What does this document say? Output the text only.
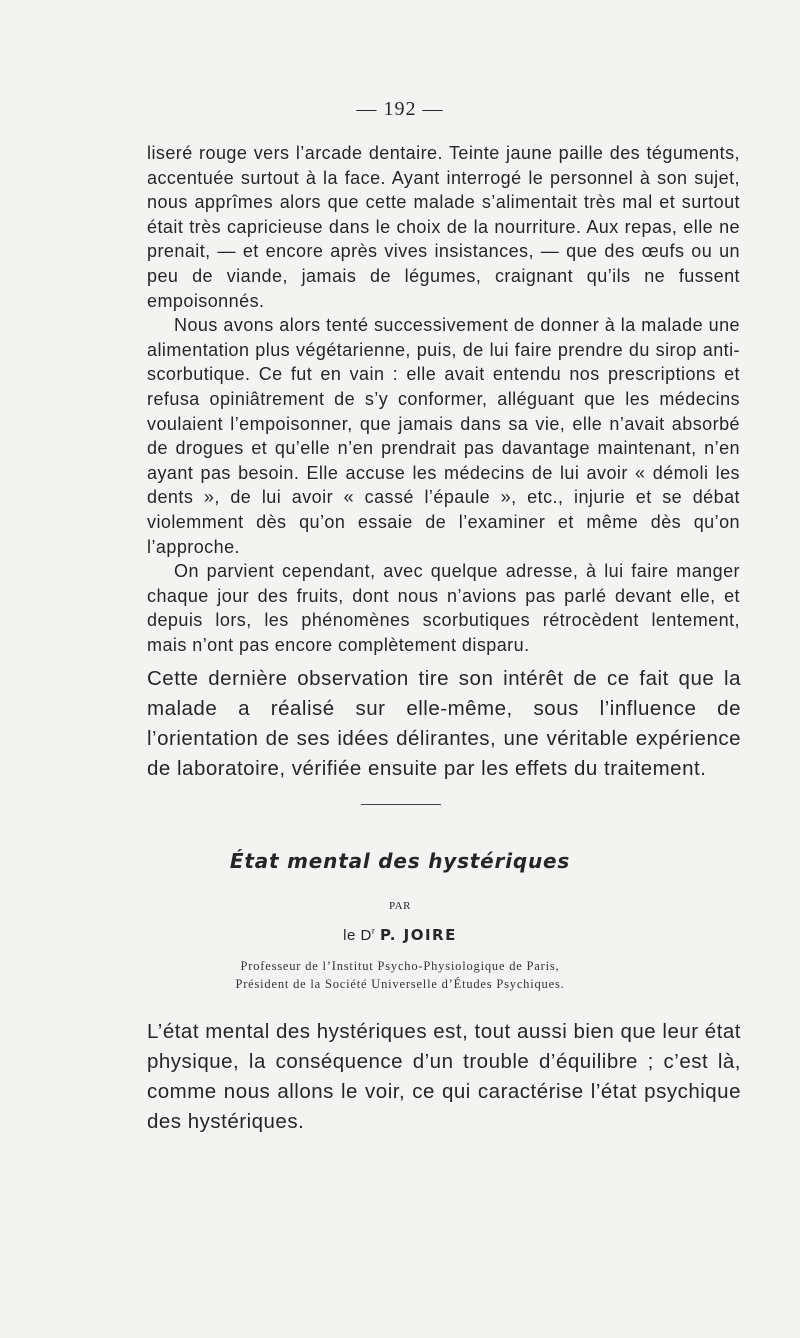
— 192 —

liseré rouge vers l’arcade dentaire. Teinte jaune paille des téguments, accentuée surtout à la face. Ayant interrogé le personnel à son sujet, nous apprîmes alors que cette malade s’alimentait très mal et surtout était très capricieuse dans le choix de la nourriture. Aux repas, elle ne prenait, — et encore après vives insistances, — que des œufs ou un peu de viande, jamais de légumes, craignant qu’ils ne fussent empoisonnés.

Nous avons alors tenté successivement de donner à la malade une alimentation plus végétarienne, puis, de lui faire prendre du sirop anti-scorbutique. Ce fut en vain : elle avait entendu nos prescriptions et refusa opiniâtrement de s’y conformer, alléguant que les médecins voulaient l’empoisonner, que jamais dans sa vie, elle n’avait absorbé de drogues et qu’elle n’en prendrait pas davantage maintenant, n’en ayant pas besoin. Elle accuse les médecins de lui avoir « démoli les dents », de lui avoir « cassé l’épaule », etc., injurie et se débat violemment dès qu’on essaie de l’examiner et même dès qu’on l’approche.

On parvient cependant, avec quelque adresse, à lui faire manger chaque jour des fruits, dont nous n’avions pas parlé devant elle, et depuis lors, les phénomènes scorbutiques rétrocèdent lentement, mais n’ont pas encore complètement disparu.

Cette dernière observation tire son intérêt de ce fait que la malade a réalisé sur elle-même, sous l’influence de l’orientation de ses idées délirantes, une véritable expérience de laboratoire, vérifiée ensuite par les effets du traitement.

État mental des hystériques
PAR
le $D^r$ P. JOIRE
Professeur de l’Institut Psycho-Physiologique de Paris,
Président de la Société Universelle d’Études Psychiques.

L’état mental des hystériques est, tout aussi bien que leur état physique, la conséquence d’un trouble d’équilibre ; c’est là, comme nous allons le voir, ce qui caractérise l’état psychique des hystériques.
